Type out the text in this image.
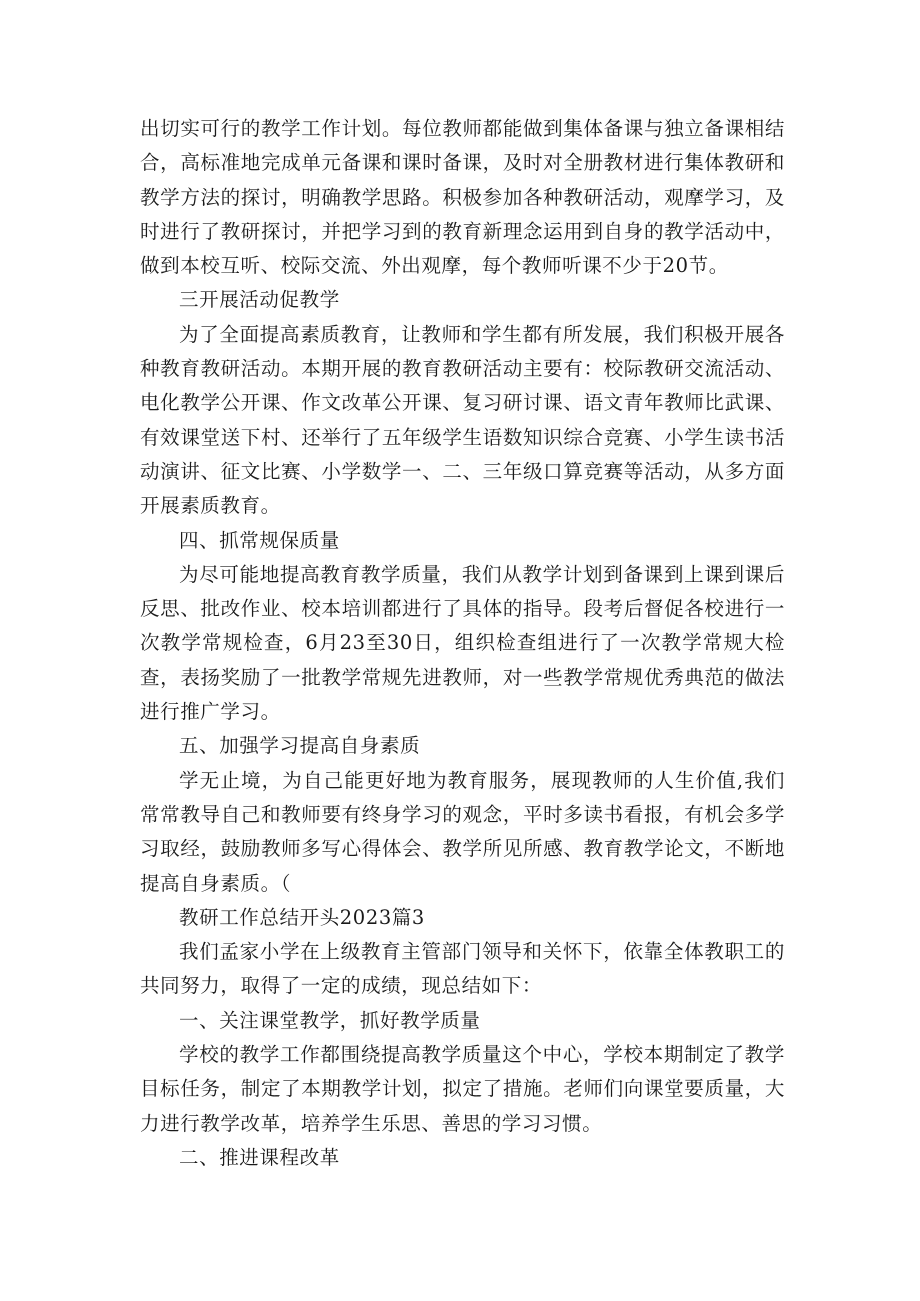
出切实可行的教学工作计划。每位教师都能做到集体备课与独立备课相结合，高标准地完成单元备课和课时备课，及时对全册教材进行集体教研和教学方法的探讨，明确教学思路。积极参加各种教研活动，观摩学习，及时进行了教研探讨，并把学习到的教育新理念运用到自身的教学活动中，做到本校互听、校际交流、外出观摩，每个教师听课不少于20节。

三开展活动促教学

为了全面提高素质教育，让教师和学生都有所发展，我们积极开展各种教育教研活动。本期开展的教育教研活动主要有：校际教研交流活动、电化教学公开课、作文改革公开课、复习研讨课、语文青年教师比武课、有效课堂送下村、还举行了五年级学生语数知识综合竞赛、小学生读书活动演讲、征文比赛、小学数学一、二、三年级口算竞赛等活动，从多方面开展素质教育。

四、抓常规保质量

为尽可能地提高教育教学质量，我们从教学计划到备课到上课到课后反思、批改作业、校本培训都进行了具体的指导。段考后督促各校进行一次教学常规检查，6月23至30日，组织检查组进行了一次教学常规大检查，表扬奖励了一批教学常规先进教师，对一些教学常规优秀典范的做法进行推广学习。

五、加强学习提高自身素质

学无止境，为自己能更好地为教育服务，展现教师的人生价值,我们常常教导自己和教师要有终身学习的观念，平时多读书看报，有机会多学习取经，鼓励教师多写心得体会、教学所见所感、教育教学论文，不断地提高自身素质。（

教研工作总结开头2023篇3

我们孟家小学在上级教育主管部门领导和关怀下，依靠全体教职工的共同努力，取得了一定的成绩，现总结如下：

一、关注课堂教学，抓好教学质量

学校的教学工作都围绕提高教学质量这个中心，学校本期制定了教学目标任务，制定了本期教学计划，拟定了措施。老师们向课堂要质量，大力进行教学改革，培养学生乐思、善思的学习习惯。

二、推进课程改革
